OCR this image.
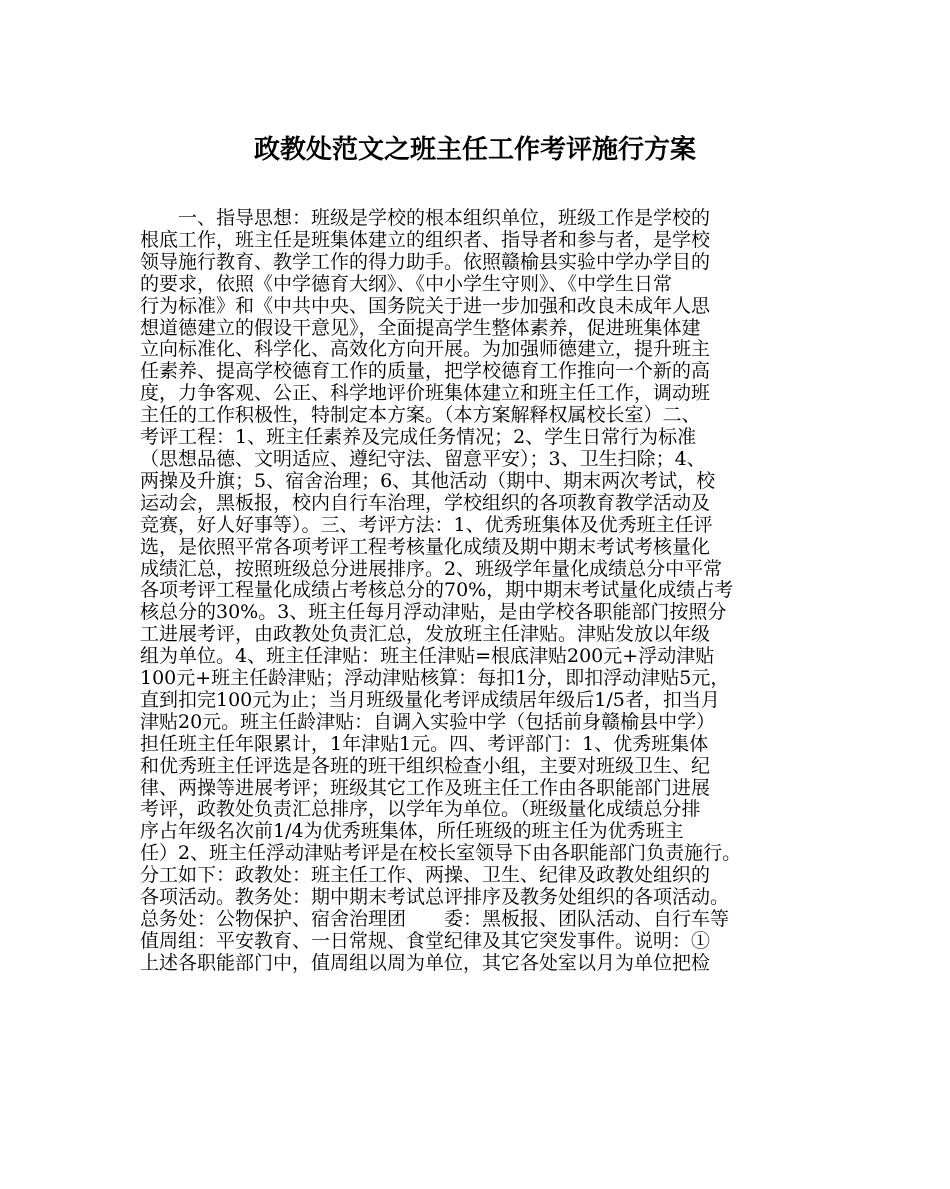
政教处范文之班主任工作考评施行方案
　　一、指导思想：班级是学校的根本组织单位，班级工作是学校的
根底工作，班主任是班集体建立的组织者、指导者和参与者，是学校
领导施行教育、教学工作的得力助手。依照赣榆县实验中学办学目的
的要求，依照《中学德育大纲》、《中小学生守则》、《中学生日常
行为标准》和《中共中央、国务院关于进一步加强和改良未成年人思
想道德建立的假设干意见》，全面提高学生整体素养，促进班集体建
立向标准化、科学化、高效化方向开展。为加强师德建立，提升班主
任素养、提高学校德育工作的质量，把学校德育工作推向一个新的高
度，力争客观、公正、科学地评价班集体建立和班主任工作，调动班
主任的工作积极性，特制定本方案。（本方案解释权属校长室）二、
考评工程：1、班主任素养及完成任务情况；2、学生日常行为标准
（思想品德、文明适应、遵纪守法、留意平安）；3、卫生扫除；4、
两操及升旗；5、宿舍治理；6、其他活动（期中、期末两次考试，校
运动会，黑板报，校内自行车治理，学校组织的各项教育教学活动及
竞赛，好人好事等）。三、考评方法：1、优秀班集体及优秀班主任评
选，是依照平常各项考评工程考核量化成绩及期中期末考试考核量化
成绩汇总，按照班级总分进展排序。2、班级学年量化成绩总分中平常
各项考评工程量化成绩占考核总分的70%，期中期末考试量化成绩占考
核总分的30%。3、班主任每月浮动津贴，是由学校各职能部门按照分
工进展考评，由政教处负责汇总，发放班主任津贴。津贴发放以年级
组为单位。4、班主任津贴：班主任津贴=根底津贴200元+浮动津贴
100元+班主任龄津贴；浮动津贴核算：每扣1分，即扣浮动津贴5元，
直到扣完100元为止；当月班级量化考评成绩居年级后1/5者，扣当月
津贴20元。班主任龄津贴：自调入实验中学（包括前身赣榆县中学）
担任班主任年限累计，1年津贴1元。四、考评部门：1、优秀班集体
和优秀班主任评选是各班的班干组织检查小组，主要对班级卫生、纪
律、两操等进展考评；班级其它工作及班主任工作由各职能部门进展
考评，政教处负责汇总排序，以学年为单位。（班级量化成绩总分排
序占年级名次前1/4为优秀班集体，所任班级的班主任为优秀班主
任）2、班主任浮动津贴考评是在校长室领导下由各职能部门负责施行。
分工如下：政教处：班主任工作、两操、卫生、纪律及政教处组织的
各项活动。教务处：期中期末考试总评排序及教务处组织的各项活动。
总务处：公物保护、宿舍治理团　　委：黑板报、团队活动、自行车等
值周组：平安教育、一日常规、食堂纪律及其它突发事件。说明：①
上述各职能部门中，值周组以周为单位，其它各处室以月为单位把检
